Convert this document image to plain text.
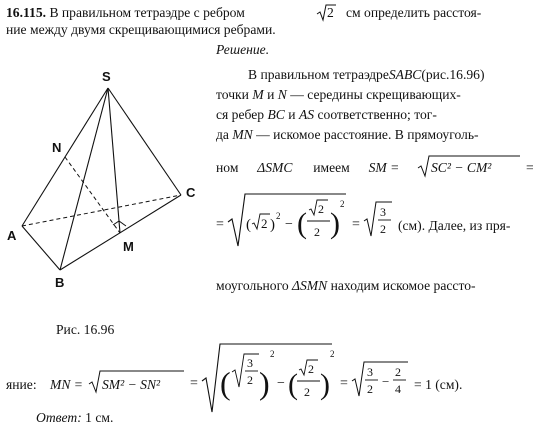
16.115. В правильном тетраэдре с ребром	2 см определить расстоя-
ние между двумя скрещивающимися ребрами.
Решение.
В правильном тетраэдреSABC(рис.16.96)
точки M и N — середины скрещивающих-
ся ребер BC и AS соответственно; тог-
да MN — искомое расстояние. В прямоуголь-
ном ΔSMC имеем SM = SC² − CM²	=
= ( 2 )
2
− ( 2
2 )
2
=
3
2 (см). Далее, из пря-
моугольного ΔSMN находим искомое рассто-
S
N
A
B
C
M
Рис. 16.96
яние: MN =	= (
3
2 )
2
− ( 2
2 )
2
=
3
2 −
2
4
SM² − SN²	= 1 (см).
Ответ: 1 см.
